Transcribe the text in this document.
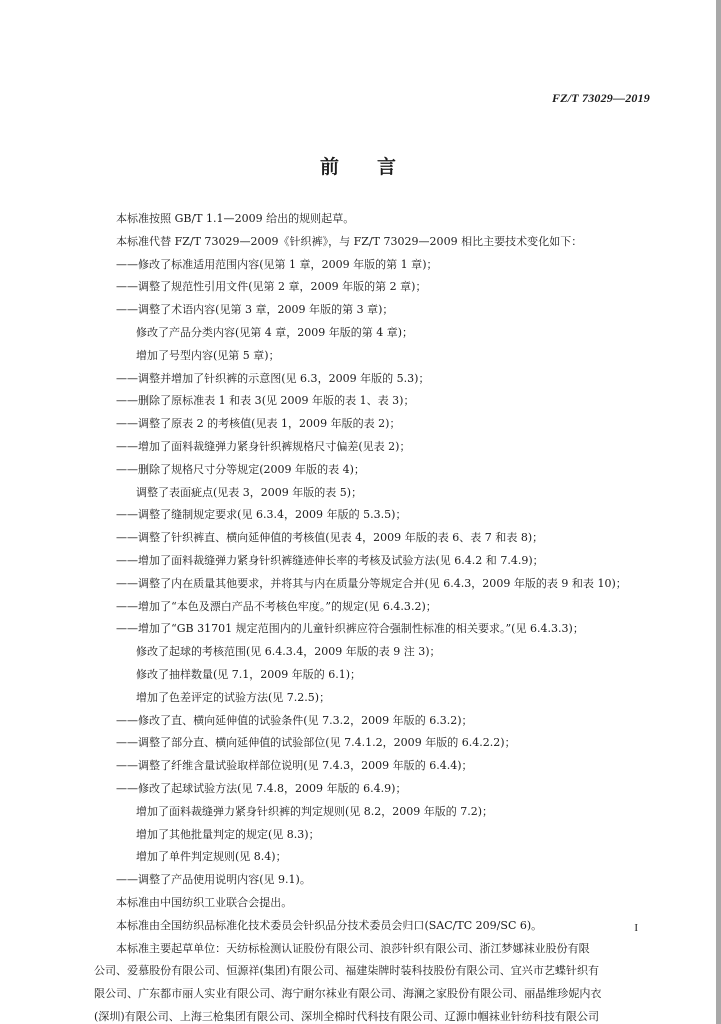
FZ/T 73029—2019
前言
本标准按照 GB/T 1.1—2009 给出的规则起草。
本标准代替 FZ/T 73029—2009《针织裤》，与 FZ/T 73029—2009 相比主要技术变化如下：
——修改了标准适用范围内容(见第 1 章，2009 年版的第 1 章)；
——调整了规范性引用文件(见第 2 章，2009 年版的第 2 章)；
——调整了术语内容(见第 3 章，2009 年版的第 3 章)；
修改了产品分类内容(见第 4 章，2009 年版的第 4 章)；
增加了号型内容(见第 5 章)；
——调整并增加了针织裤的示意图(见 6.3，2009 年版的 5.3)；
——删除了原标准表 1 和表 3(见 2009 年版的表 1、表 3)；
——调整了原表 2 的考核值(见表 1，2009 年版的表 2)；
——增加了面料裁缝弹力紧身针织裤规格尺寸偏差(见表 2)；
——删除了规格尺寸分等规定(2009 年版的表 4)；
调整了表面疵点(见表 3，2009 年版的表 5)；
——调整了缝制规定要求(见 6.3.4，2009 年版的 5.3.5)；
——调整了针织裤直、横向延伸值的考核值(见表 4，2009 年版的表 6、表 7 和表 8)；
——增加了面料裁缝弹力紧身针织裤缝迹伸长率的考核及试验方法(见 6.4.2 和 7.4.9)；
——调整了内在质量其他要求，并将其与内在质量分等规定合并(见 6.4.3，2009 年版的表 9 和表 10)；
——增加了“本色及漂白产品不考核色牢度。”的规定(见 6.4.3.2)；
——增加了“GB 31701 规定范围内的儿童针织裤应符合强制性标准的相关要求。”(见 6.4.3.3)；
修改了起球的考核范围(见 6.4.3.4，2009 年版的表 9 注 3)；
修改了抽样数量(见 7.1，2009 年版的 6.1)；
增加了色差评定的试验方法(见 7.2.5)；
——修改了直、横向延伸值的试验条件(见 7.3.2，2009 年版的 6.3.2)；
——调整了部分直、横向延伸值的试验部位(见 7.4.1.2，2009 年版的 6.4.2.2)；
——调整了纤维含量试验取样部位说明(见 7.4.3，2009 年版的 6.4.4)；
——修改了起球试验方法(见 7.4.8，2009 年版的 6.4.9)；
增加了面料裁缝弹力紧身针织裤的判定规则(见 8.2，2009 年版的 7.2)；
增加了其他批量判定的规定(见 8.3)；
增加了单件判定规则(见 8.4)；
——调整了产品使用说明内容(见 9.1)。
本标准由中国纺织工业联合会提出。
本标准由全国纺织品标准化技术委员会针织品分技术委员会归口(SAC/TC 209/SC 6)。
本标准主要起草单位：天纺标检测认证股份有限公司、浪莎针织有限公司、浙江梦娜袜业股份有限
公司、爱慕股份有限公司、恒源祥(集团)有限公司、福建柒牌时装科技股份有限公司、宜兴市艺蝶针织有
限公司、广东都市丽人实业有限公司、海宁耐尔袜业有限公司、海澜之家股份有限公司、丽晶维珍妮内衣
(深圳)有限公司、上海三枪集团有限公司、深圳全棉时代科技有限公司、辽源巾帼袜业针纺科技有限公司
I
